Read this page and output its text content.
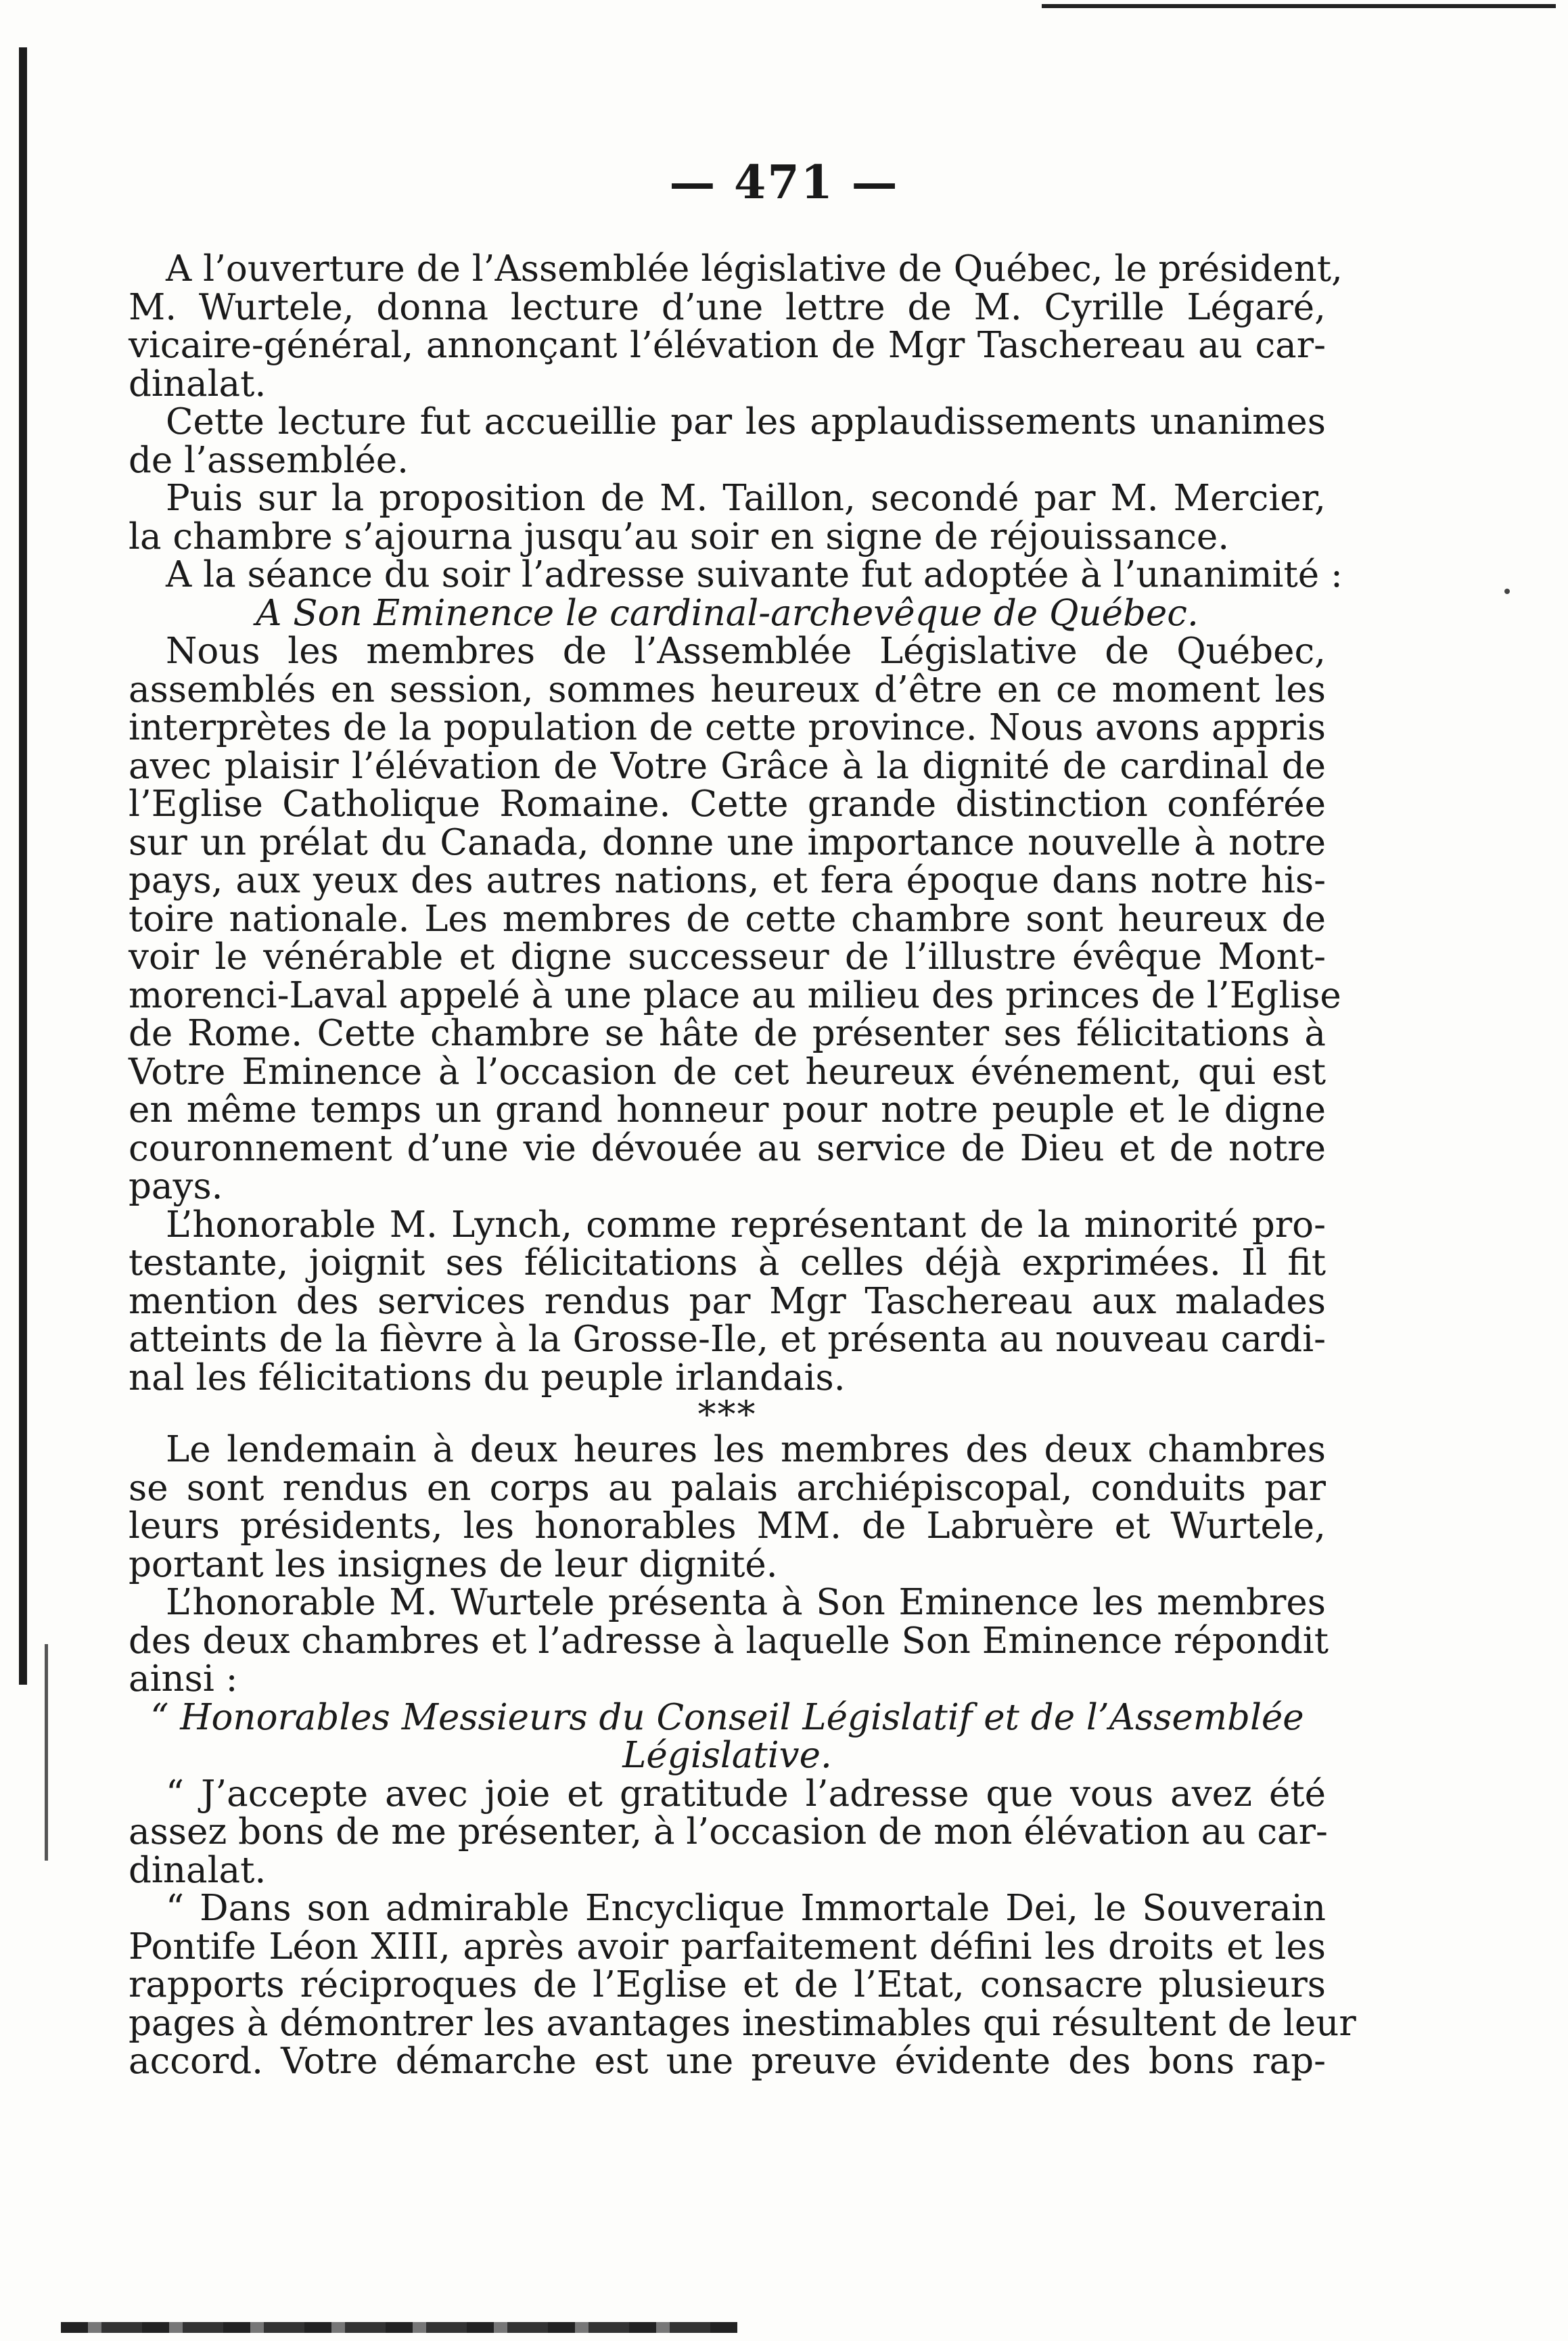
— 471 —
A l’ouverture de l’Assemblée législative de Québec, le président,
M. Wurtele, donna lecture d’une lettre de M. Cyrille Légaré,
vicaire-général, annonçant l’élévation de Mgr Taschereau au car-
dinalat.
Cette lecture fut accueillie par les applaudissements unanimes
de l’assemblée.
Puis sur la proposition de M. Taillon, secondé par M. Mercier,
la chambre s’ajourna jusqu’au soir en signe de réjouissance.
A la séance du soir l’adresse suivante fut adoptée à l’unanimité :
A Son Eminence le cardinal-archevêque de Québec.
Nous les membres de l’Assemblée Législative de Québec,
assemblés en session, sommes heureux d’être en ce moment les
interprètes de la population de cette province. Nous avons appris
avec plaisir l’élévation de Votre Grâce à la dignité de cardinal de
l’Eglise Catholique Romaine. Cette grande distinction conférée
sur un prélat du Canada, donne une importance nouvelle à notre
pays, aux yeux des autres nations, et fera époque dans notre his-
toire nationale. Les membres de cette chambre sont heureux de
voir le vénérable et digne successeur de l’illustre évêque Mont-
morenci-Laval appelé à une place au milieu des princes de l’Eglise
de Rome. Cette chambre se hâte de présenter ses félicitations à
Votre Eminence à l’occasion de cet heureux événement, qui est
en même temps un grand honneur pour notre peuple et le digne
couronnement d’une vie dévouée au service de Dieu et de notre
pays.
L’honorable M. Lynch, comme représentant de la minorité pro-
testante, joignit ses félicitations à celles déjà exprimées. Il fit
mention des services rendus par Mgr Taschereau aux malades
atteints de la fièvre à la Grosse-Ile, et présenta au nouveau cardi-
nal les félicitations du peuple irlandais.
***
Le lendemain à deux heures les membres des deux chambres
se sont rendus en corps au palais archiépiscopal, conduits par
leurs présidents, les honorables MM. de Labruère et Wurtele,
portant les insignes de leur dignité.
L’honorable M. Wurtele présenta à Son Eminence les membres
des deux chambres et l’adresse à laquelle Son Eminence répondit
ainsi :
“ Honorables Messieurs du Conseil Législatif et de l’Assemblée
Législative.
“ J’accepte avec joie et gratitude l’adresse que vous avez été
assez bons de me présenter, à l’occasion de mon élévation au car-
dinalat.
“ Dans son admirable Encyclique Immortale Dei, le Souverain
Pontife Léon XIII, après avoir parfaitement défini les droits et les
rapports réciproques de l’Eglise et de l’Etat, consacre plusieurs
pages à démontrer les avantages inestimables qui résultent de leur
accord. Votre démarche est une preuve évidente des bons rap-
